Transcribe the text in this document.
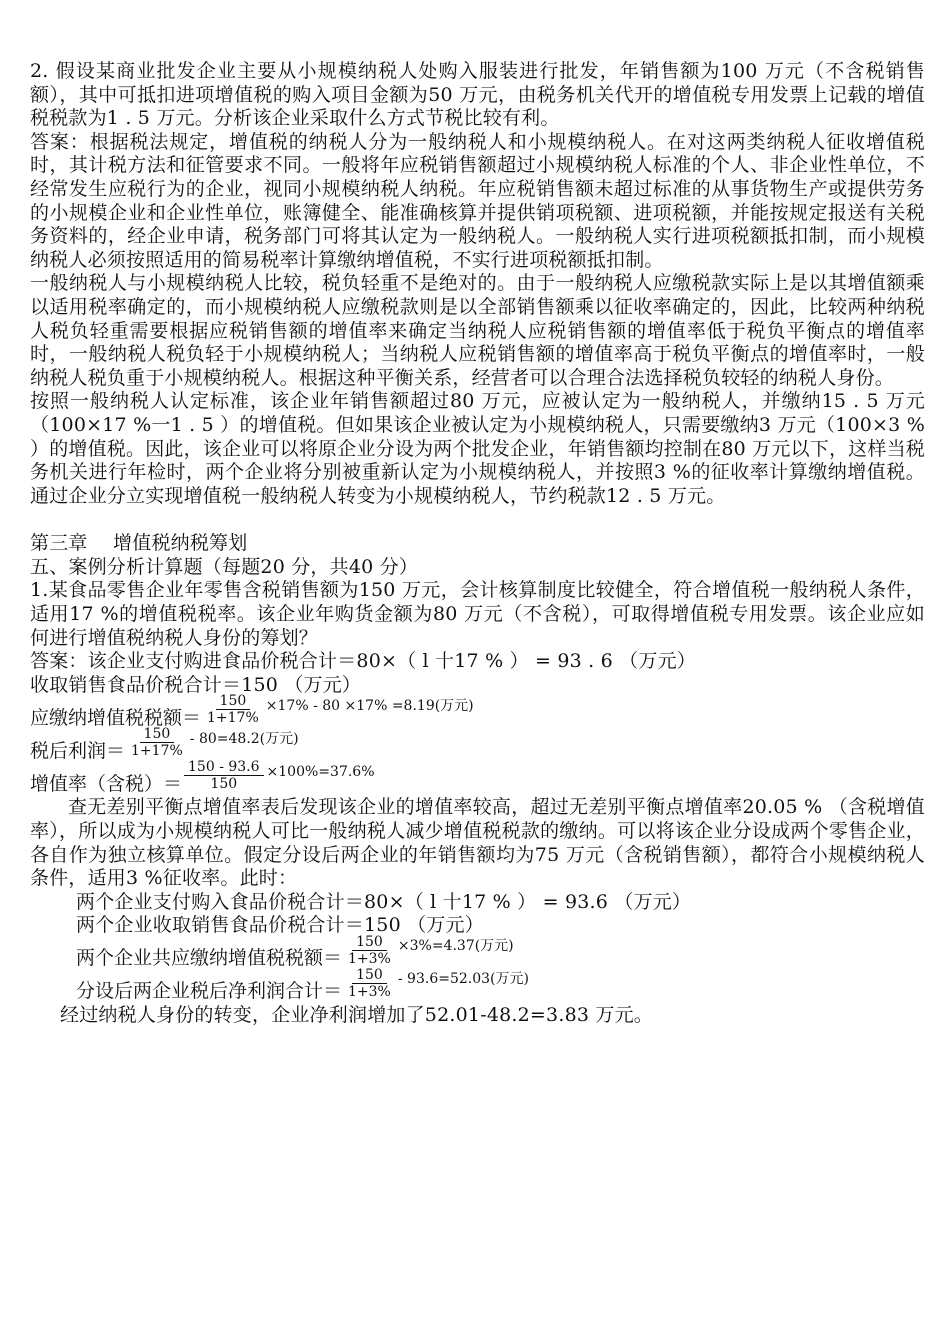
2. 假设某商业批发企业主要从小规模纳税人处购入服装进行批发，年销售额为100 万元（不含税销售额），其中可抵扣进项增值税的购入项目金额为50 万元，由税务机关代开的增值税专用发票上记载的增值税税款为1 . 5 万元。分析该企业采取什么方式节税比较有利。

答案：根据税法规定，增值税的纳税人分为一般纳税人和小规模纳税人。在对这两类纳税人征收增值税时，其计税方法和征管要求不同。一般将年应税销售额超过小规模纳税人标准的个人、非企业性单位，不经常发生应税行为的企业，视同小规模纳税人纳税。年应税销售额未超过标准的从事货物生产或提供劳务的小规模企业和企业性单位，账簿健全、能准确核算并提供销项税额、进项税额，并能按规定报送有关税务资料的，经企业申请，税务部门可将其认定为一般纳税人。一般纳税人实行进项税额抵扣制，而小规模纳税人必须按照适用的简易税率计算缴纳增值税，不实行进项税额抵扣制。

一般纳税人与小规模纳税人比较，税负轻重不是绝对的。由于一般纳税人应缴税款实际上是以其增值额乘以适用税率确定的，而小规模纳税人应缴税款则是以全部销售额乘以征收率确定的，因此，比较两种纳税人税负轻重需要根据应税销售额的增值率来确定当纳税人应税销售额的增值率低于税负平衡点的增值率时，一般纳税人税负轻于小规模纳税人；当纳税人应税销售额的增值率高于税负平衡点的增值率时，一般纳税人税负重于小规模纳税人。根据这种平衡关系，经营者可以合理合法选择税负较轻的纳税人身份。

按照一般纳税人认定标准，该企业年销售额超过80 万元，应被认定为一般纳税人，并缴纳15 . 5 万元（100×17 %一1 . 5 ）的增值税。但如果该企业被认定为小规模纳税人，只需要缴纳3 万元（100×3 % ）的增值税。因此，该企业可以将原企业分设为两个批发企业，年销售额均控制在80 万元以下，这样当税务机关进行年检时，两个企业将分别被重新认定为小规模纳税人，并按照3 %的征收率计算缴纳增值税。通过企业分立实现增值税一般纳税人转变为小规模纳税人，节约税款12 . 5 万元。

第三章　 增值税纳税筹划

五、案例分析计算题（每题20 分，共40 分）

1.某食品零售企业年零售含税销售额为150 万元，会计核算制度比较健全，符合增值税一般纳税人条件，适用17 %的增值税税率。该企业年购货金额为80 万元（不含税），可取得增值税专用发票。该企业应如何进行增值税纳税人身份的筹划？

答案：该企业支付购进食品价税合计＝80×（ l 十17 % ） = 93 . 6 （万元）

收取销售食品价税合计＝150 （万元）

应缴纳增值税税额＝ $\frac{150}{1+17\%} \times 17\% - 80 \times 17\% =8.19$(万元)
税后利润＝ $\frac{150}{1+17\%} - 80=48.2$(万元)
增值率（含税）＝ $\frac{150 - 93.6}{150} \times 100\%=37.6\%$

查无差别平衡点增值率表后发现该企业的增值率较高，超过无差别平衡点增值率20.05 % （含税增值率），所以成为小规模纳税人可比一般纳税人减少增值税税款的缴纳。可以将该企业分设成两个零售企业，各自作为独立核算单位。假定分设后两企业的年销售额均为75 万元（含税销售额），都符合小规模纳税人条件，适用3 %征收率。此时：

两个企业支付购入食品价税合计＝80×（ l 十17 % ） = 93.6 （万元）

两个企业收取销售食品价税合计＝150 （万元）

两个企业共应缴纳增值税税额＝ $\frac{150}{1+3\%} \times 3\%=4.37$(万元)
分设后两企业税后净利润合计＝ $\frac{150}{1+3\%} - 93.6=52.03$(万元)

经过纳税人身份的转变，企业净利润增加了52.01-48.2=3.83 万元。
